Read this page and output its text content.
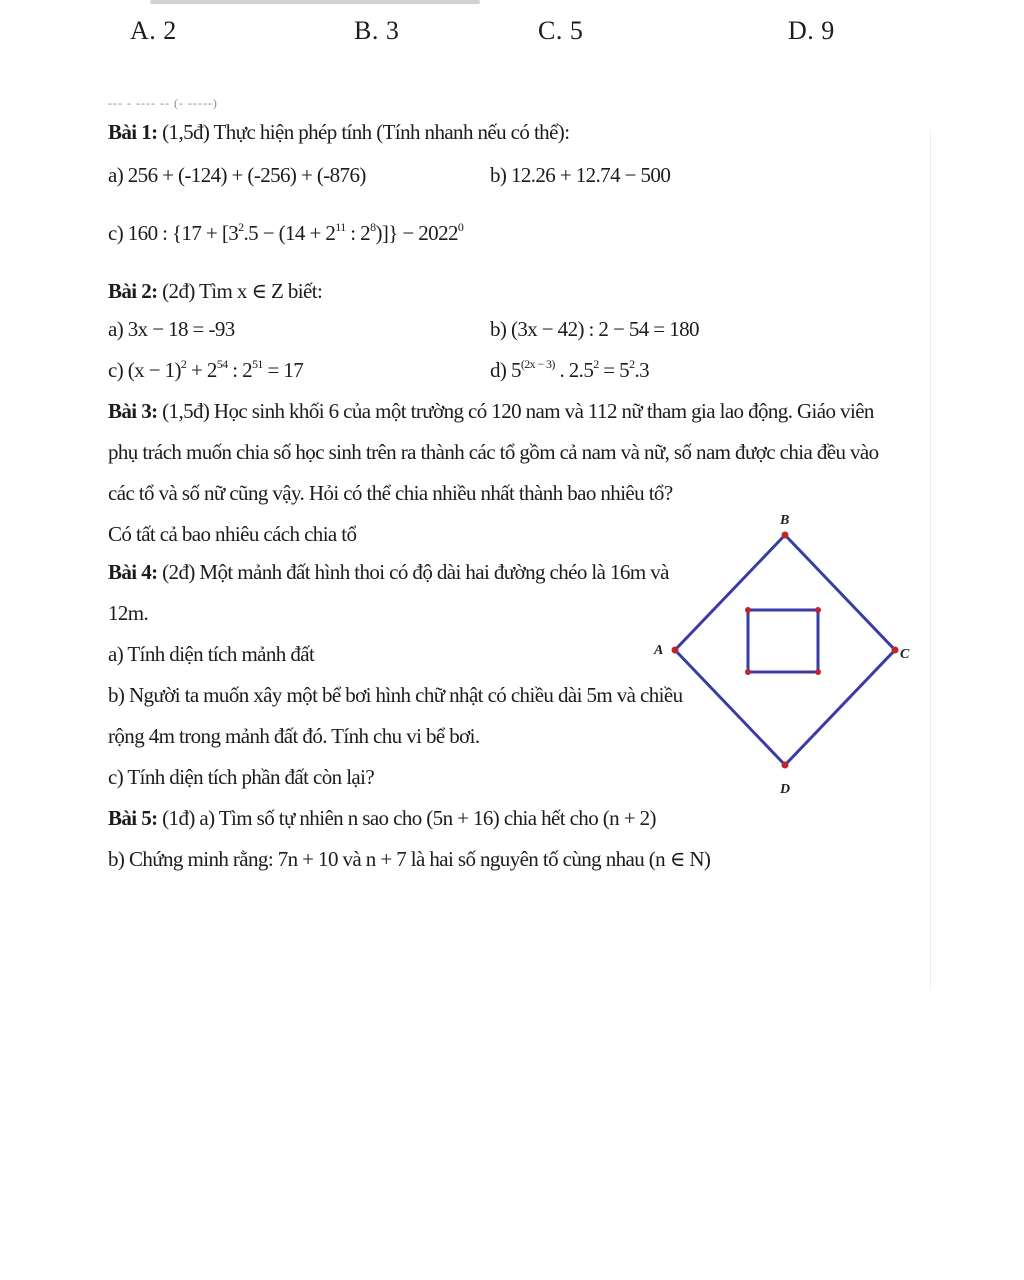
A. 2	B. 3	C. 5	D. 9
--- - ---- -- (- -----)
Bài 1: (1,5đ) Thực hiện phép tính (Tính nhanh nếu có thể):
a) 256 + (-124) + (-256) + (-876)	b) 12.26 + 12.74 − 500
c) 160 : {$17 + [3^2.5 - (14 + 2^{11}$ : $2^8)]\} - 2022^0$
Bài 2: (2đ) Tìm x ∈ Z biết:
a) 3x − 18 = -93	b) (3x − 42) : 2 − 54 = 180
c) $(x - 1)^2 + 2^{54}$ : $2^{51} = 17$	d) $5^{(2x - 3)}$ . $2.5^2 = 5^2.3$
Bài 3: (1,5đ) Học sinh khối 6 của một trường có 120 nam và 112 nữ tham gia lao động. Giáo viên
phụ trách muốn chia số học sinh trên ra thành các tổ gồm cả nam và nữ, số nam được chia đều vào
các tổ và số nữ cũng vậy. Hỏi có thể chia nhiều nhất thành bao nhiêu tổ?
Có tất cả bao nhiêu cách chia tổ
Bài 4: (2đ) Một mảnh đất hình thoi có độ dài hai đường chéo là 16m và
12m.
a) Tính diện tích mảnh đất
b) Người ta muốn xây một bể bơi hình chữ nhật có chiều dài 5m và chiều
rộng 4m trong mảnh đất đó. Tính chu vi bể bơi.
c) Tính diện tích phần đất còn lại?
Bài 5: (1đ) a) Tìm số tự nhiên n sao cho (5n + 16) chia hết cho (n + 2)
b) Chứng minh rằng: 7n + 10 và n + 7 là hai số nguyên tố cùng nhau (n ∈ N)
B
C
D
A
